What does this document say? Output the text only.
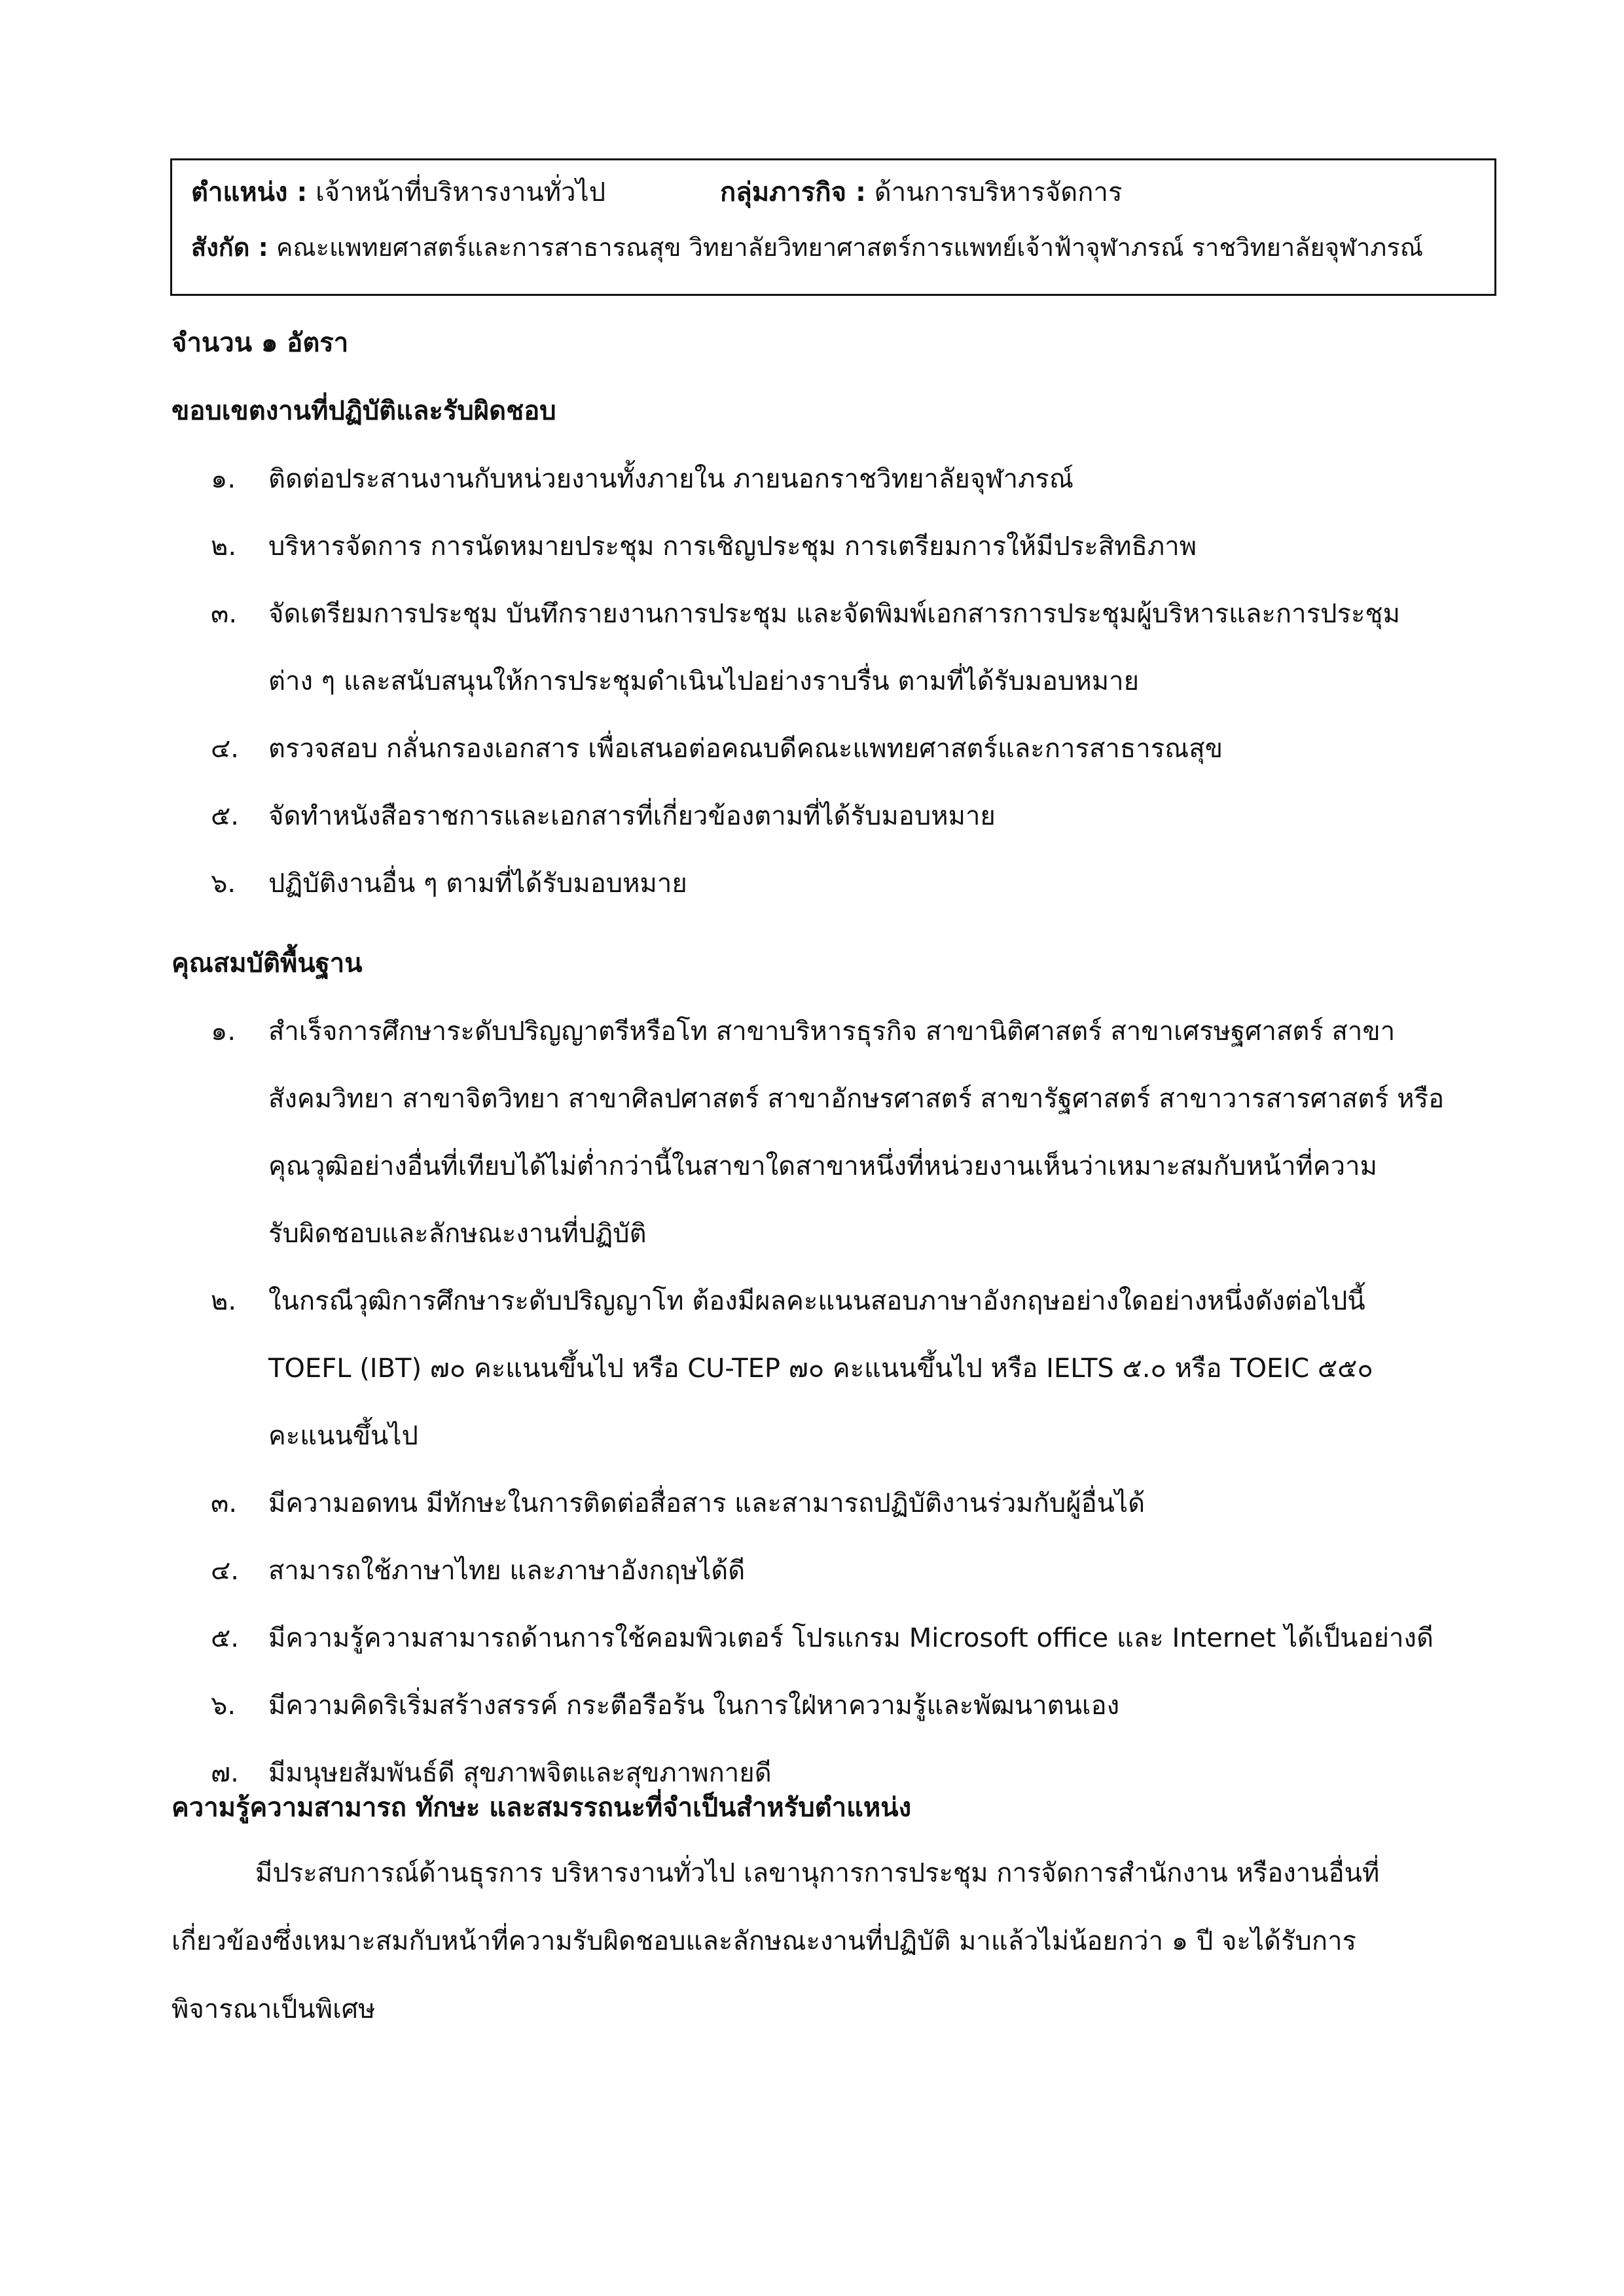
ตำแหน่ง : เจ้าหน้าที่บริหารงานทั่วไป	กลุ่มภารกิจ : ด้านการบริหารจัดการ
สังกัด : คณะแพทยศาสตร์และการสาธารณสุข วิทยาลัยวิทยาศาสตร์การแพทย์เจ้าฟ้าจุฬาภรณ์ ราชวิทยาลัยจุฬาภรณ์
จำนวน ๑ อัตรา
ขอบเขตงานที่ปฏิบัติและรับผิดชอบ
๑. ติดต่อประสานงานกับหน่วยงานทั้งภายใน ภายนอกราชวิทยาลัยจุฬาภรณ์
๒. บริหารจัดการ การนัดหมายประชุม การเชิญประชุม การเตรียมการให้มีประสิทธิภาพ
๓. จัดเตรียมการประชุม บันทึกรายงานการประชุม และจัดพิมพ์เอกสารการประชุมผู้บริหารและการประชุม
ต่าง ๆ และสนับสนุนให้การประชุมดำเนินไปอย่างราบรื่น ตามที่ได้รับมอบหมาย
๔. ตรวจสอบ กลั่นกรองเอกสาร เพื่อเสนอต่อคณบดีคณะแพทยศาสตร์และการสาธารณสุข
๕. จัดทำหนังสือราชการและเอกสารที่เกี่ยวข้องตามที่ได้รับมอบหมาย
๖. ปฏิบัติงานอื่น ๆ ตามที่ได้รับมอบหมาย
คุณสมบัติพื้นฐาน
๑. สำเร็จการศึกษาระดับปริญญาตรีหรือโท สาขาบริหารธุรกิจ สาขานิติศาสตร์ สาขาเศรษฐศาสตร์ สาขา
สังคมวิทยา สาขาจิตวิทยา สาขาศิลปศาสตร์ สาขาอักษรศาสตร์ สาขารัฐศาสตร์ สาขาวารสารศาสตร์ หรือ
คุณวุฒิอย่างอื่นที่เทียบได้ไม่ต่ำกว่านี้ในสาขาใดสาขาหนึ่งที่หน่วยงานเห็นว่าเหมาะสมกับหน้าที่ความ
รับผิดชอบและลักษณะงานที่ปฏิบัติ
๒. ในกรณีวุฒิการศึกษาระดับปริญญาโท ต้องมีผลคะแนนสอบภาษาอังกฤษอย่างใดอย่างหนึ่งดังต่อไปนี้
TOEFL (IBT) ๗๐ คะแนนขึ้นไป หรือ CU-TEP ๗๐ คะแนนขึ้นไป หรือ IELTS ๕.๐ หรือ TOEIC ๕๕๐
คะแนนขึ้นไป
๓. มีความอดทน มีทักษะในการติดต่อสื่อสาร และสามารถปฏิบัติงานร่วมกับผู้อื่นได้
๔. สามารถใช้ภาษาไทย และภาษาอังกฤษได้ดี
๕. มีความรู้ความสามารถด้านการใช้คอมพิวเตอร์ โปรแกรม Microsoft office และ Internet ได้เป็นอย่างดี
๖. มีความคิดริเริ่มสร้างสรรค์ กระตือรือร้น ในการใฝ่หาความรู้และพัฒนาตนเอง
๗. มีมนุษยสัมพันธ์ดี สุขภาพจิตและสุขภาพกายดี
ความรู้ความสามารถ ทักษะ และสมรรถนะที่จำเป็นสำหรับตำแหน่ง
มีประสบการณ์ด้านธุรการ บริหารงานทั่วไป เลขานุการการประชุม การจัดการสำนักงาน หรืองานอื่นที่
เกี่ยวข้องซึ่งเหมาะสมกับหน้าที่ความรับผิดชอบและลักษณะงานที่ปฏิบัติ มาแล้วไม่น้อยกว่า ๑ ปี จะได้รับการ
พิจารณาเป็นพิเศษ
